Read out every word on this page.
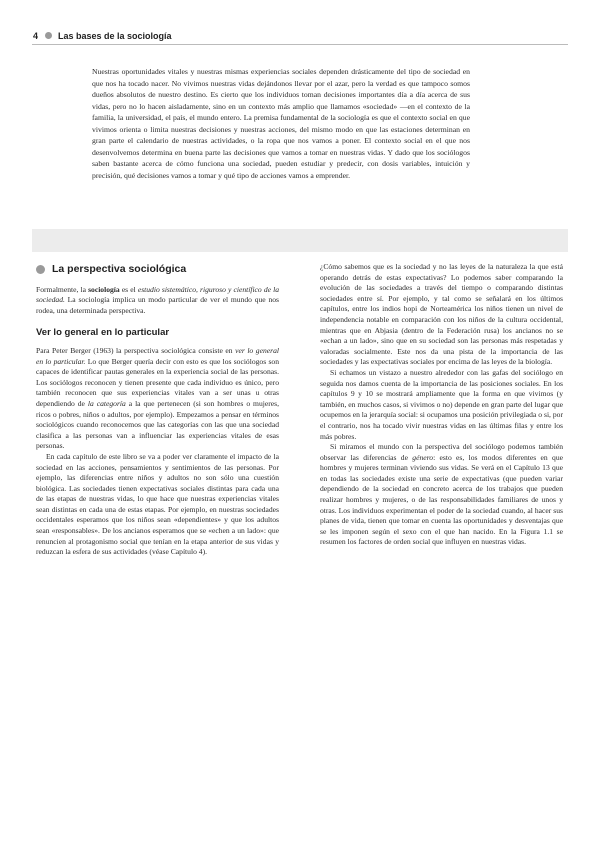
4 Las bases de la sociología
Nuestras oportunidades vitales y nuestras mismas experiencias sociales dependen drásticamente del tipo de sociedad en que nos ha tocado nacer. No vivimos nuestras vidas dejándonos llevar por el azar, pero la verdad es que tampoco somos dueños absolutos de nuestro destino. Es cierto que los individuos toman decisiones importantes día a día acerca de sus vidas, pero no lo hacen aisladamente, sino en un contexto más amplio que llamamos «sociedad» —en el contexto de la familia, la universidad, el país, el mundo entero. La premisa fundamental de la sociología es que el contexto social en que vivimos orienta o limita nuestras decisiones y nuestras acciones, del mismo modo en que las estaciones determinan en gran parte el calendario de nuestras actividades, o la ropa que nos vamos a poner. El contexto social en el que nos desenvolvemos determina en buena parte las decisiones que vamos a tomar en nuestras vidas. Y dado que los sociólogos saben bastante acerca de cómo funciona una sociedad, pueden estudiar y predecir, con dosis variables, intuición y precisión, qué decisiones vamos a tomar y qué tipo de acciones vamos a emprender.
La perspectiva sociológica

Formalmente, la sociología es el estudio sistemático, riguroso y científico de la sociedad. La sociología implica un modo particular de ver el mundo que nos rodea, una determinada perspectiva.

Ver lo general en lo particular

Para Peter Berger (1963) la perspectiva sociológica consiste en ver lo general en lo particular. Lo que Berger quería decir con esto es que los sociólogos son capaces de identificar pautas generales en la experiencia social de las personas. Los sociólogos reconocen y tienen presente que cada individuo es único, pero también reconocen que sus experiencias vitales van a ser unas u otras dependiendo de la categoría a la que pertenecen (si son hombres o mujeres, ricos o pobres, niños o adultos, por ejemplo). Empezamos a pensar en términos sociológicos cuando reconocemos que las categorías con las que una sociedad clasifica a las personas van a influenciar las experiencias vitales de esas personas.

En cada capítulo de este libro se va a poder ver claramente el impacto de la sociedad en las acciones, pensamientos y sentimientos de las personas. Por ejemplo, las diferencias entre niños y adultos no son sólo una cuestión biológica. Las sociedades tienen expectativas sociales distintas para cada una de las etapas de nuestras vidas, lo que hace que nuestras experiencias vitales sean distintas en cada una de estas etapas. Por ejemplo, en nuestras sociedades occidentales esperamos que los niños sean «dependientes» y que los adultos sean «responsables». De los ancianos esperamos que se «echen a un lado»: que renuncien al protagonismo social que tenían en la etapa anterior de sus vidas y reduzcan la esfera de sus actividades (véase Capítulo 4).

¿Cómo sabemos que es la sociedad y no las leyes de la naturaleza la que está operando detrás de estas expectativas? Lo podemos saber comparando la evolución de las sociedades a través del tiempo o comparando distintas sociedades entre sí. Por ejemplo, y tal como se señalará en los últimos capítulos, entre los indios hopi de Norteamérica los niños tienen un nivel de independencia notable en comparación con los niños de la cultura occidental, mientras que en Abjasia (dentro de la Federación rusa) los ancianos no se «echan a un lado», sino que en su sociedad son las personas más respetadas y valoradas socialmente. Este nos da una pista de la importancia de las sociedades y las expectativas sociales por encima de las leyes de la biología.

Si echamos un vistazo a nuestro alrededor con las gafas del sociólogo en seguida nos damos cuenta de la importancia de las posiciones sociales. En los capítulos 9 y 10 se mostrará ampliamente que la forma en que vivimos (y también, en muchos casos, si vivimos o no) depende en gran parte del lugar que ocupemos en la jerarquía social: si ocupamos una posición privilegiada o si, por el contrario, nos ha tocado vivir nuestras vidas en las últimas filas y entre los más pobres.

Si miramos el mundo con la perspectiva del sociólogo podemos también observar las diferencias de género: esto es, los modos diferentes en que hombres y mujeres terminan viviendo sus vidas. Se verá en el Capítulo 13 que en todas las sociedades existe una serie de expectativas (que pueden variar dependiendo de la sociedad en concreto acerca de los trabajos que pueden realizar hombres y mujeres, o de las responsabilidades familiares de unos y otras. Los individuos experimentan el poder de la sociedad cuando, al hacer sus planes de vida, tienen que tomar en cuenta las oportunidades y desventajas que se les imponen según el sexo con el que han nacido. En la Figura 1.1 se resumen los factores de orden social que influyen en nuestras vidas.
